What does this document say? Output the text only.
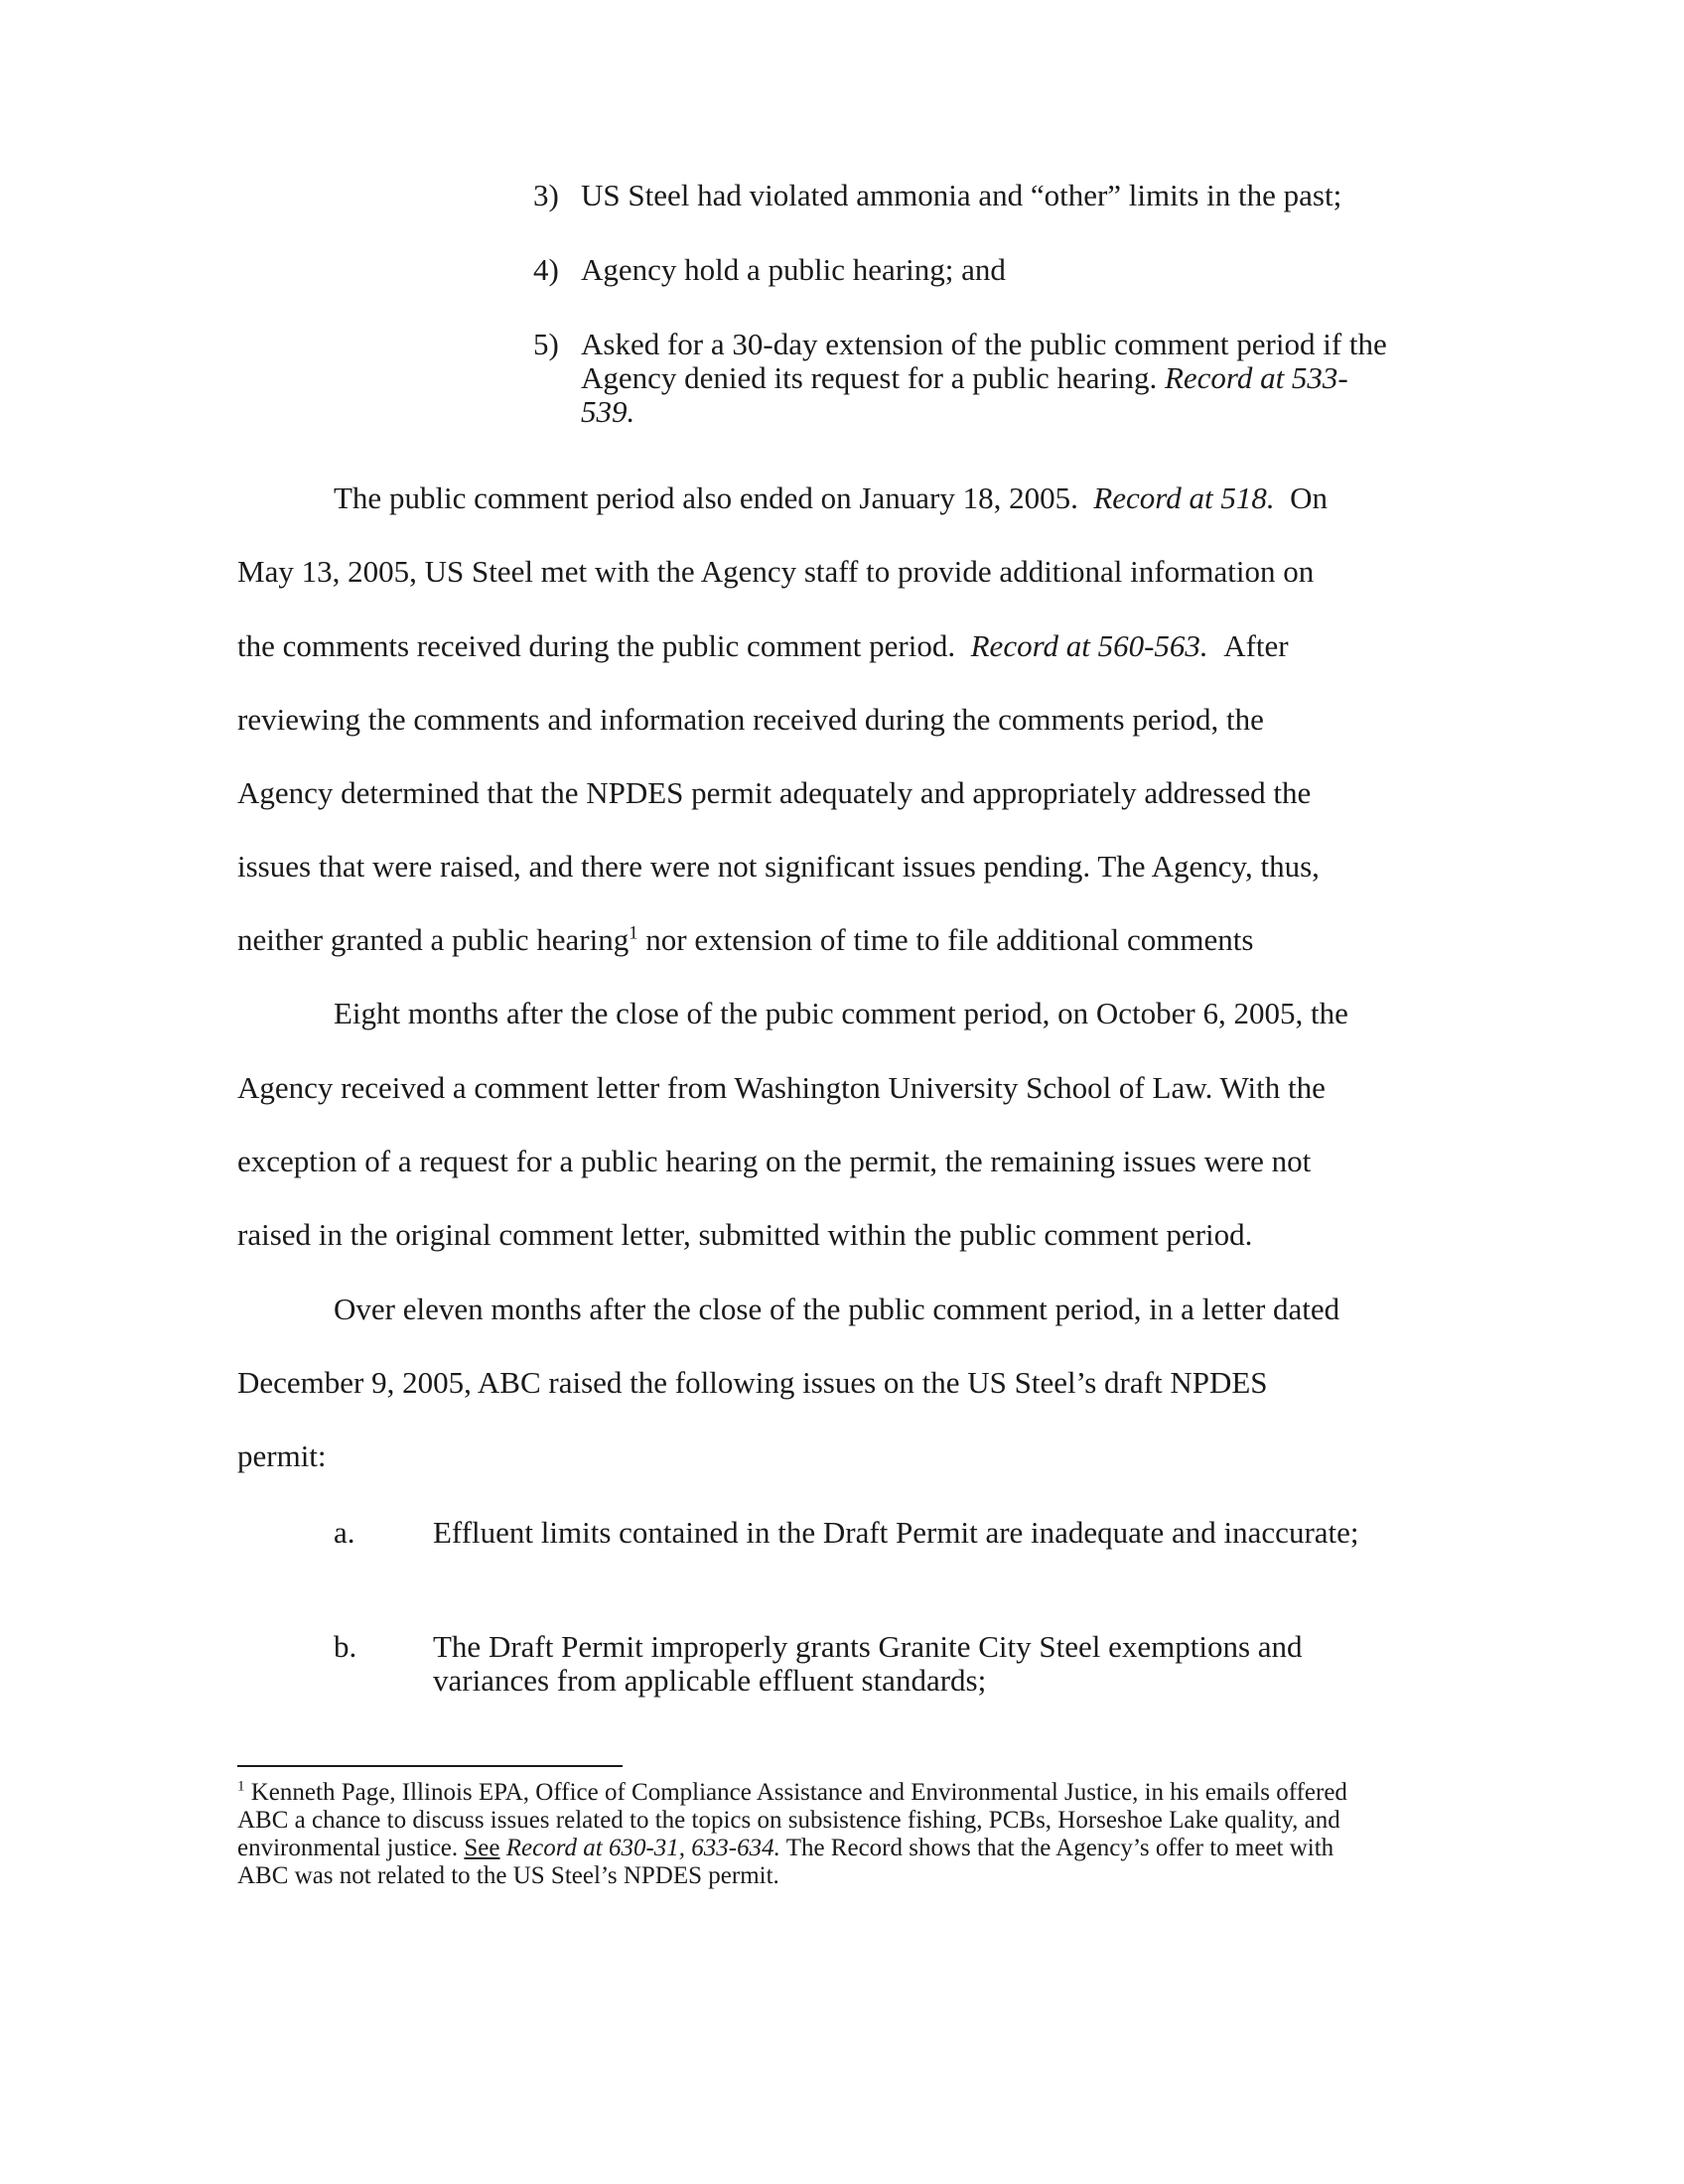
3) US Steel had violated ammonia and “other” limits in the past;
4) Agency hold a public hearing; and
5) Asked for a 30-day extension of the public comment period if the Agency denied its request for a public hearing. Record at 533-539.
The public comment period also ended on January 18, 2005. Record at 518. On
May 13, 2005, US Steel met with the Agency staff to provide additional information on
the comments received during the public comment period. Record at 560-563. After
reviewing the comments and information received during the comments period, the
Agency determined that the NPDES permit adequately and appropriately addressed the
issues that were raised, and there were not significant issues pending. The Agency, thus,
neither granted a public hearing$^1$ nor extension of time to file additional comments
Eight months after the close of the pubic comment period, on October 6, 2005, the
Agency received a comment letter from Washington University School of Law. With the
exception of a request for a public hearing on the permit, the remaining issues were not
raised in the original comment letter, submitted within the public comment period.
Over eleven months after the close of the public comment period, in a letter dated
December 9, 2005, ABC raised the following issues on the US Steel’s draft NPDES
permit:
a.	Effluent limits contained in the Draft Permit are inadequate and inaccurate;
b. The Draft Permit improperly grants Granite City Steel exemptions and variances from applicable effluent standards;
$^1$ Kenneth Page, Illinois EPA, Office of Compliance Assistance and Environmental Justice, in his emails offered ABC a chance to discuss issues related to the topics on subsistence fishing, PCBs, Horseshoe Lake quality, and environmental justice. See Record at 630-31, 633-634. The Record shows that the Agency’s offer to meet with ABC was not related to the US Steel’s NPDES permit.
